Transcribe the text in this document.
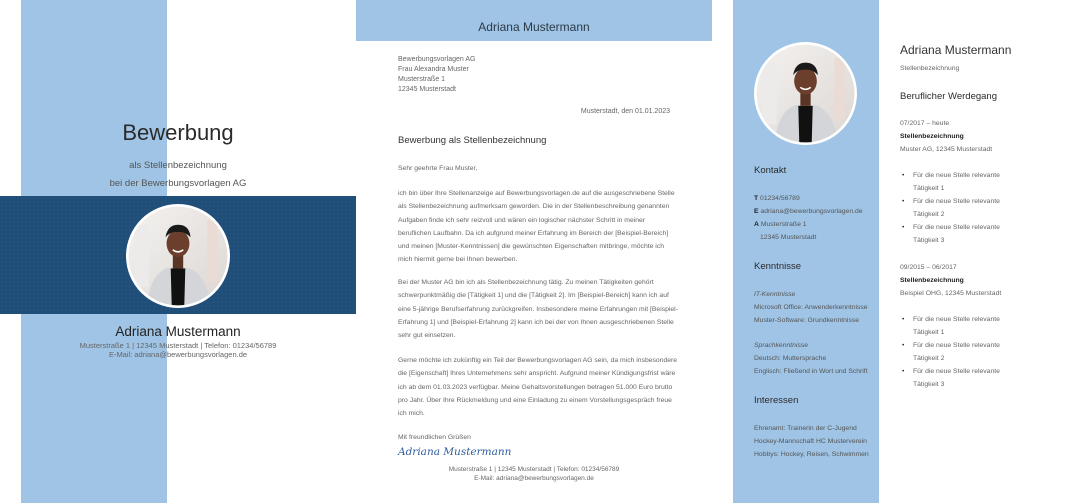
Bewerbung
als Stellenbezeichnung
bei der Bewerbungsvorlagen AG
Adriana Mustermann
Musterstraße 1 | 12345 Musterstadt | Telefon: 01234/56789
E-Mail: adriana@bewerbungsvorlagen.de
Adriana Mustermann
Bewerbungsvorlagen AG
Frau Alexandra Muster
Musterstraße 1
12345 Musterstadt
Musterstadt, den 01.01.2023
Bewerbung als Stellenbezeichnung
Sehr geehrte Frau Muster,
ich bin über Ihre Stellenanzeige auf Bewerbungsvorlagen.de auf die ausgeschriebene Stelle als Stellenbezeichnung aufmerksam geworden. Die in der Stellenbeschreibung genannten Aufgaben finde ich sehr reizvoll und wären ein logischer nächster Schritt in meiner beruflichen Laufbahn. Da ich aufgrund meiner Erfahrung im Bereich der [Beispiel-Bereich] und meinen [Muster-Kenntnissen] die gewünschten Eigenschaften mitbringe, möchte ich mich hiermit gerne bei Ihnen bewerben.
Bei der Muster AG bin ich als Stellenbezeichnung tätig. Zu meinen Tätigkeiten gehört schwerpunktmäßig die [Tätigkeit 1] und die [Tätigkeit 2]. Im [Beispiel-Bereich] kann ich auf eine 5-jährige Berufserfahrung zurückgreifen. Insbesondere meine Erfahrungen mit [Beispiel-Erfahrung 1] und [Beispiel-Erfahrung 2] kann ich bei der von Ihnen ausgeschriebenen Stelle sehr gut einsetzen.
Gerne möchte ich zukünftig ein Teil der Bewerbungsvorlagen AG sein, da mich insbesondere die [Eigenschaft] Ihres Unternehmens sehr anspricht. Aufgrund meiner Kündigungsfrist wäre ich ab dem 01.03.2023 verfügbar. Meine Gehaltsvorstellungen betragen 51.000 Euro brutto pro Jahr. Über Ihre Rückmeldung und eine Einladung zu einem Vorstellungsgespräch freue ich mich.
Mit freundlichen Grüßen
Adriana Mustermann
Musterstraße 1 | 12345 Musterstadt | Telefon: 01234/56789
E-Mail: adriana@bewerbungsvorlagen.de
Kontakt
T 01234/56789
E adriana@bewerbungsvorlagen.de
A Musterstraße 1
12345 Musterstadt
Kenntnisse
IT-Kenntnisse
Microsoft Office: Anwenderkenntnisse
Muster-Software: Grundkenntnisse
Sprachkenntnisse
Deutsch: Muttersprache
Englisch: Fließend in Wort und Schrift
Interessen
Ehrenamt: Trainerin der C-Jugend
Hockey-Mannschaft HC Musterverein
Hobbys: Hockey, Reisen, Schwimmen
Adriana Mustermann
Stellenbezeichnung
Beruflicher Werdegang
07/2017 – heute
Stellenbezeichnung
Muster AG, 12345 Musterstadt
• Für die neue Stelle relevante Tätigkeit 1
• Für die neue Stelle relevante Tätigkeit 2
• Für die neue Stelle relevante Tätigkeit 3
09/2015 – 06/2017
Stellenbezeichnung
Beispiel OHG, 12345 Musterstadt
• Für die neue Stelle relevante Tätigkeit 1
• Für die neue Stelle relevante Tätigkeit 2
• Für die neue Stelle relevante Tätigkeit 3
